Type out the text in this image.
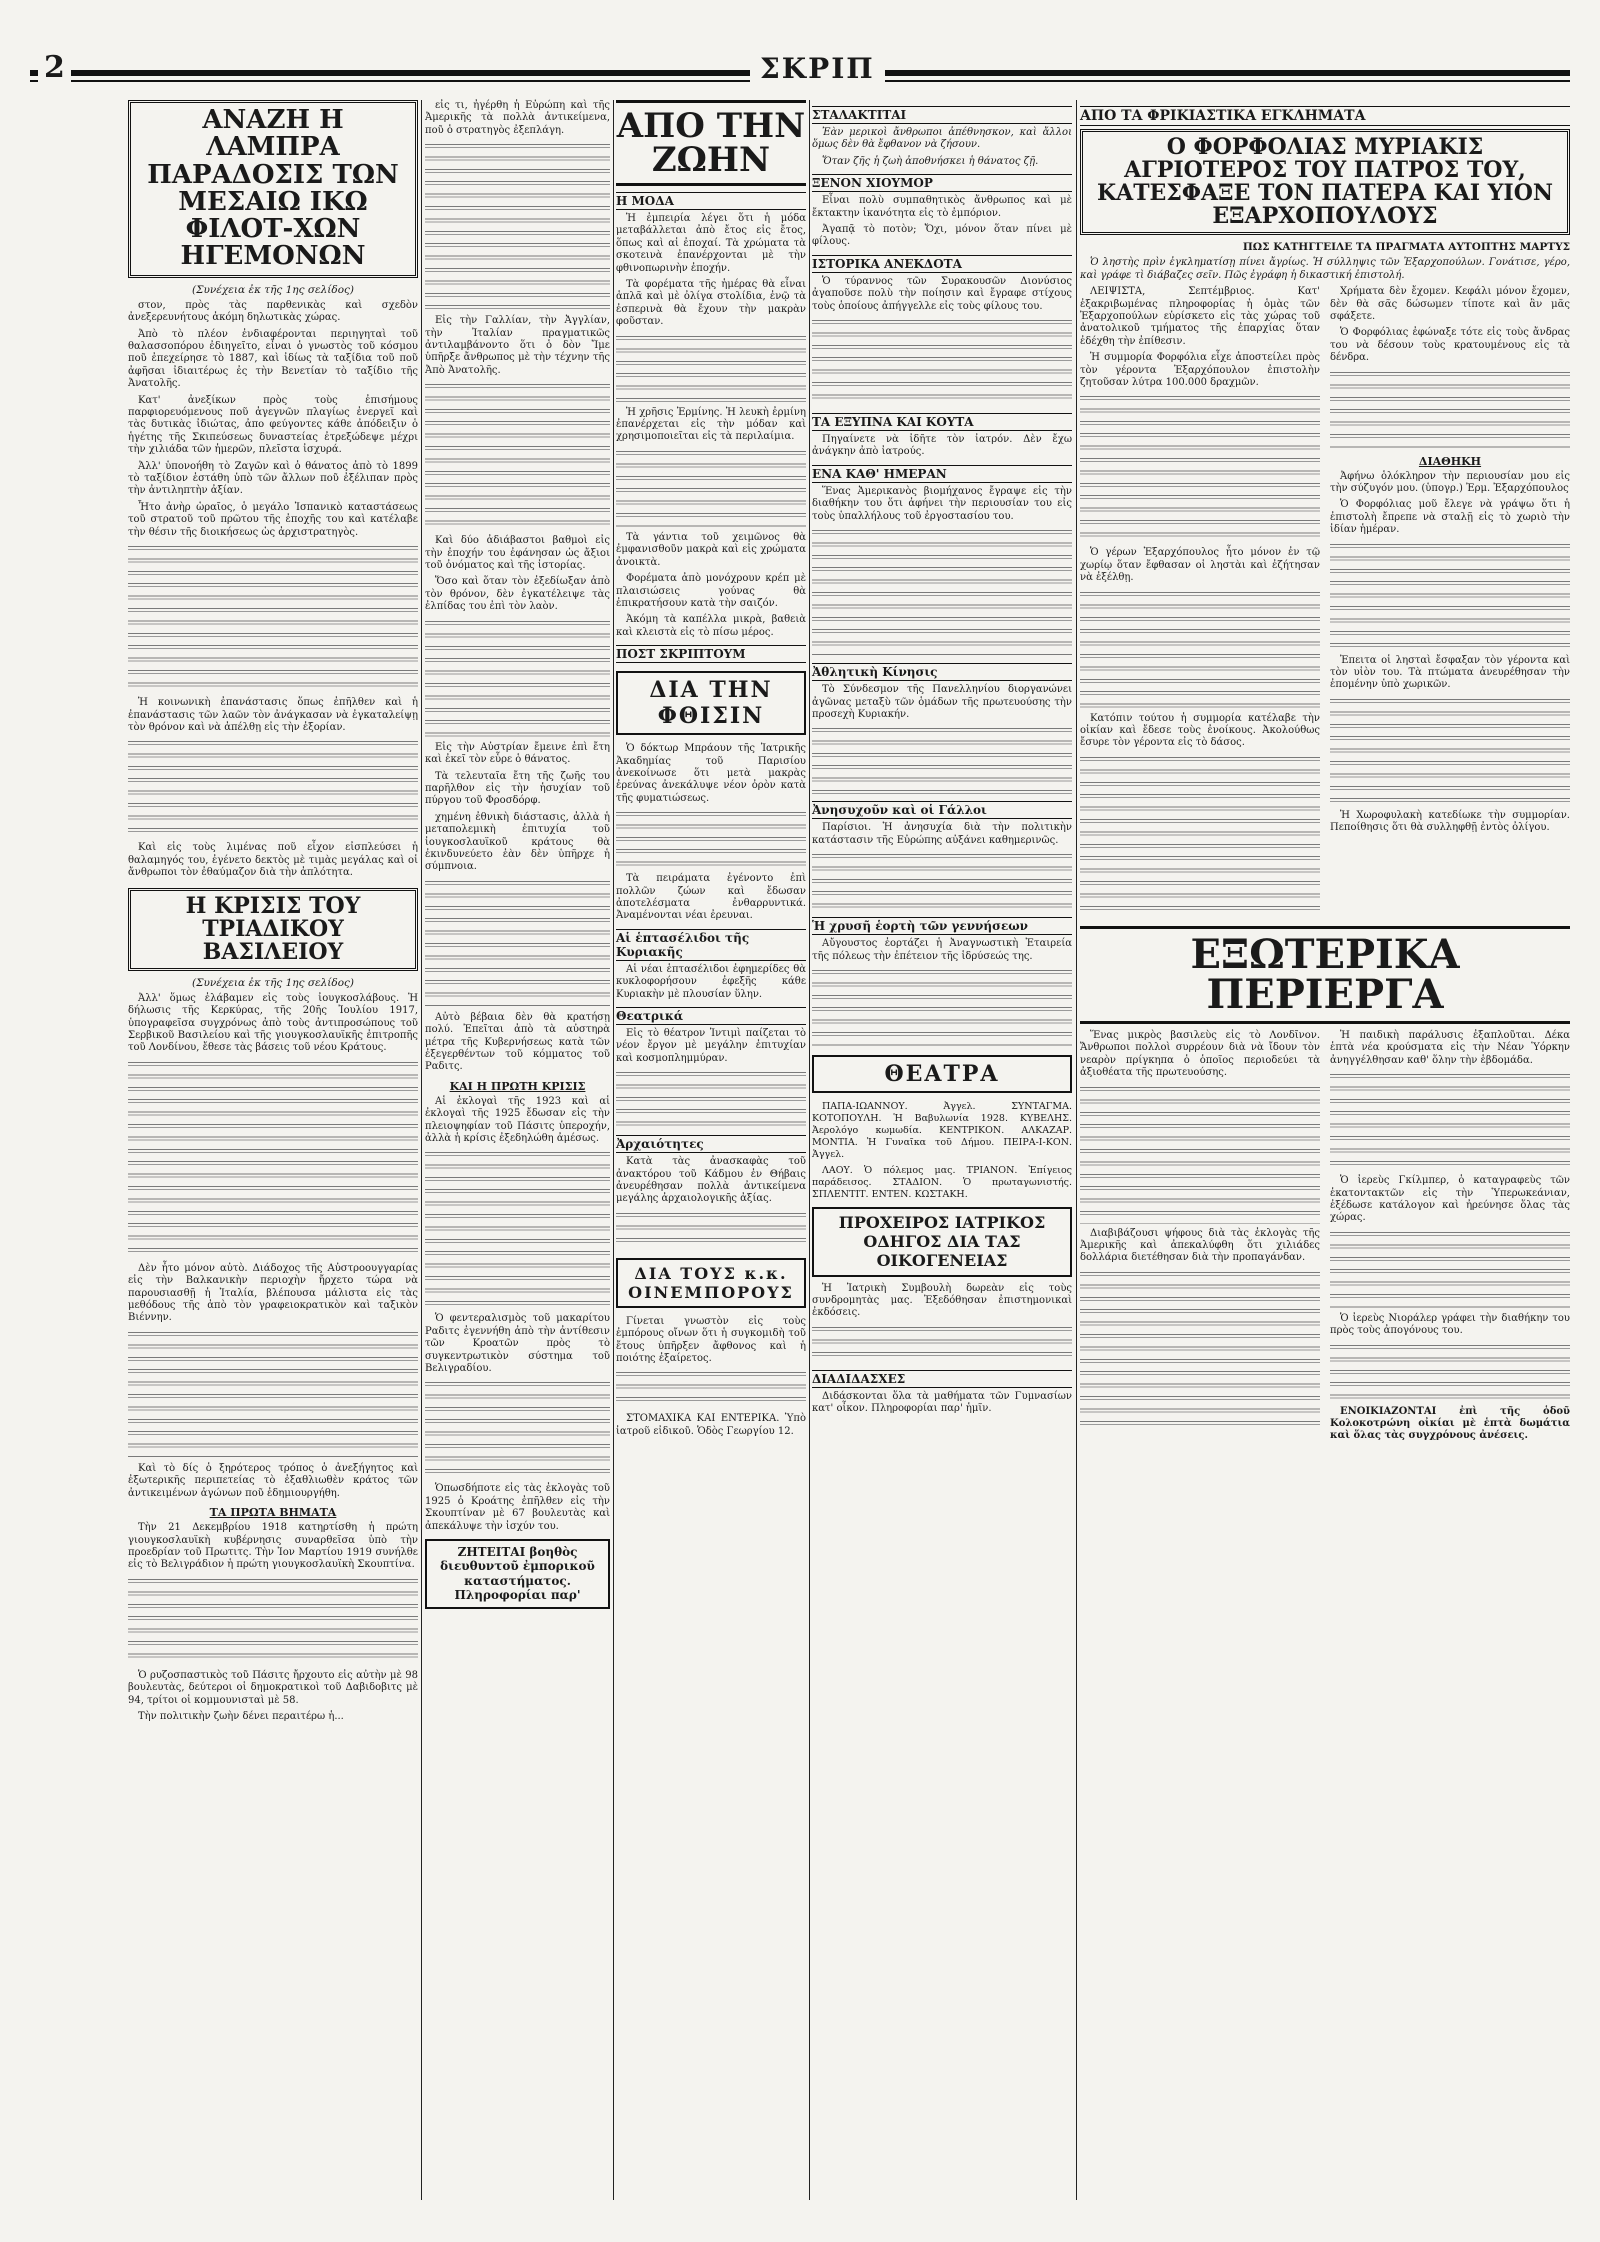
2	ΣΚΡΙΠ
ΑΝΑΖΗ Η ΛΑΜΠΡΑ ΠΑΡΑΔΟΣΙΣ ΤΩΝ ΜΕΣΑΙΩ ΙΚΩ ΦΙΛΟΤ-ΧΩΝ ΗΓΕΜΟΝΩΝ
(Συνέχεια ἐκ τῆς 1ης σελίδος)

στον, πρὸς τὰς παρθενικὰς καὶ σχεδὸν ἀνεξερευνήτους ἀκόμη δηλωτικὰς χώρας.

Ἀπὸ τὸ πλέον ἐνδιαφέρονται περιηγηταὶ τοῦ θαλασσοπόρου ἐδιηγεῖτο, εἶναι ὁ γνωστὸς τοῦ κόσμου ποῦ ἐπεχείρησε τὸ 1887, καὶ ἰδίως τὰ ταξίδια τοῦ ποῦ ἀφῆσαι ἰδιαιτέρως ἐς τὴν Βενετίαν τὸ ταξίδιο τῆς Ἀνατολῆς.

Κατ' ἀνεξίκων πρὸς τοὺς ἐπισήμους παρφιορευόμενους ποῦ ἀγεγνῶν πλαγίως ἐνεργεῖ καὶ τὰς δυτικὰς ἰδιώτας, ἀπο φεύγοντες κάθε ἀπόδειξιν ὁ ἡγέτης τῆς Σκιπεύσεως δυναστείας ἐτρεξώδεψε μέχρι τὴν χιλιάδα τῶν ἡμερῶν, πλεῖστα ἰσχυρά.

Ἀλλ' ὑπονοήθη τὸ Ζαγῶν καὶ ὁ θάνατος ἀπὸ τὸ 1899 τὸ ταξίδιον ἐστάθη ὑπὸ τῶν ἄλλων ποῦ ἐξέλιπαν πρὸς τὴν ἀντιληπτὴν ἀξίαν.

Ἦτο ἀνὴρ ὡραῖος, ὁ μεγάλο Ἰσπανικὸ καταστάσεως τοῦ στρατοῦ τοῦ πρῶτου τῆς ἐποχῆς του καὶ κατέλαβε τὴν θέσιν τῆς διοικήσεως ὡς ἀρχιστρατηγὸς.

Ἡ κοινωνικὴ ἐπανάστασις ὅπως ἐπῆλθεν καὶ ἡ ἐπανάστασις τῶν λαῶν τὸν ἀνάγκασαν νὰ ἐγκαταλείψῃ τὸν θρόνον καὶ νὰ ἀπέλθῃ εἰς τὴν ἐξορίαν.

Καὶ εἰς τοὺς λιμένας ποῦ εἶχον εἰσπλεύσει ἡ θαλαμηγός του, ἐγένετο δεκτὸς μὲ τιμὰς μεγάλας καὶ οἱ ἄνθρωποι τὸν ἐθαύμαζον διὰ τὴν ἀπλότητα.

Η ΚΡΙΣΙΣ ΤΟΥ ΤΡΙΑΔΙΚΟΥ ΒΑΣΙΛΕΙΟΥ
(Συνέχεια ἐκ τῆς 1ης σελίδος)

Ἀλλ' ὅμως ἐλάβαμεν εἰς τοὺς ἰουγκοσλάβους. Ἡ δήλωσις τῆς Κερκύρας, τῆς 20ῆς Ἰουλίου 1917, ὑπογραφεῖσα συγχρόνως ἀπὸ τοὺς ἀντιπροσώπους τοῦ Σερβικοῦ Βασιλείου καὶ τῆς γιουγκοσλαυϊκῆς ἐπιτροπῆς τοῦ Λονδίνου, ἔθεσε τὰς βάσεις τοῦ νέου Κράτους.

Δὲν ἦτο μόνον αὐτὸ. Διάδοχος τῆς Αὐστροουγγαρίας εἰς τὴν Βαλκανικὴν περιοχὴν ἤρχετο τώρα νὰ παρουσιασθῇ ἡ Ἰταλία, βλέπουσα μάλιστα εἰς τὰς μεθόδους τῆς ἀπὸ τὸν γραφειοκρατικὸν καὶ ταξικὸν Βιέννην.

Καὶ τὸ δίς ὁ ξηρότερος τρόπος ὁ ἀνεξήγητος καὶ ἐξωτερικῆς περιπετείας τὸ ἐξαθλιωθὲν κράτος τῶν ἀντικειμένων ἀγώνων ποῦ ἐδημιουργήθη.

ΤΑ ΠΡΩΤΑ ΒΗΜΑΤΑ

Τὴν 21 Δεκεμβρίου 1918 κατηρτίσθη ἡ πρώτη γιουγκοσλαυϊκὴ κυβέρνησις συναρθεῖσα ὑπὸ τὴν προεδρίαν τοῦ Πρωτιτς. Τὴν Ἰον Μαρτίου 1919 συνήλθε εἰς τὸ Βελιγράδιον ἡ πρώτη γιουγκοσλαυϊκὴ Σκουπτίνα.

Ὁ ρυζοσπαστικὸς τοῦ Πάσιτς ἤρχουτο εἰς αὐτὴν μὲ 98 βουλευτὰς, δεύτεροι οἱ δημοκρατικοὶ τοῦ Δαβιδοβιτς μὲ 94, τρίτοι οἱ κομμουνισταὶ μὲ 58.

Τὴν πολιτικὴν ζωὴν δένει περαιτέρω ἡ...

εἰς τι, ἠγέρθη ἡ Εὐρώπη καὶ τῆς Ἀμερικῆς τὰ πολλὰ ἀντικείμενα, ποῦ ὁ στρατηγὸς ἐξεπλάγη.

Εἰς τὴν Γαλλίαν, τὴν Ἀγγλίαν, τὴν Ἰταλίαν πραγματικῶς ἀντιλαμβάνοντο ὅτι ὁ δὸν Ἴμε ὑπῆρξε ἄνθρωπος μὲ τὴν τέχνην τῆς Ἀπὸ Ἀνατολῆς.

Καὶ δύο ἀδιάβαστοι βαθμοὶ εἰς τὴν ἐποχήν του ἐφάνησαν ὡς ἄξιοι τοῦ ὀνόματος καὶ τῆς ἰστορίας.

Ὅσο καὶ ὅταν τὸν ἐξεδίωξαν ἀπὸ τὸν θρόνον, δὲν ἐγκατέλειψε τὰς ἐλπίδας του ἐπὶ τὸν λαὸν.

Εἰς τὴν Αὐστρίαν ἔμεινε ἐπὶ ἔτη καὶ ἐκεῖ τὸν εὗρε ὁ θάνατος.

Τὰ τελευταῖα ἔτη τῆς ζωῆς του παρῆλθον εἰς τὴν ἡσυχίαν τοῦ πύργου τοῦ Φροσδόρφ.

χημένη ἐθνικὴ διάστασις, ἀλλὰ ἡ μεταπολεμικὴ ἐπιτυχία τοῦ ἰουγκοσλαυϊκοῦ κράτους θὰ ἐκινδυνεύετο ἐὰν δὲν ὑπῆρχε ἡ σύμπνοια.

Αὐτὸ βέβαια δὲν θὰ κρατήσῃ πολύ. Ἐπεῖται ἀπὸ τὰ αὐστηρὰ μέτρα τῆς Κυβερνήσεως κατὰ τῶν ἐξεγερθέντων τοῦ κόμματος τοῦ Ραδιτς.

ΚΑΙ Η ΠΡΩΤΗ ΚΡΙΣΙΣ

Αἱ ἐκλογαὶ τῆς 1923 καὶ αἱ ἐκλογαὶ τῆς 1925 ἔδωσαν εἰς τὴν πλειοψηφίαν τοῦ Πάσιτς ὑπεροχήν, ἀλλὰ ἡ κρίσις ἐξεδηλώθη ἀμέσως.

Ὁ φεντεραλισμὸς τοῦ μακαρίτου Ραδιτς ἐγεννήθη ἀπὸ τὴν ἀντίθεσιν τῶν Κροατῶν πρὸς τὸ συγκεντρωτικὸν σύστημα τοῦ Βελιγραδίου.

Ὁπωσδήποτε εἰς τὰς ἐκλογὰς τοῦ 1925 ὁ Κροάτης ἐπῆλθεν εἰς τὴν Σκουπτίναν μὲ 67 βουλευτὰς καὶ ἀπεκάλυψε τὴν ἰσχύν του.

ΖΗΤΕΙΤΑΙ βοηθὸς διευθυντοῦ ἐμπορικοῦ καταστήματος. Πληροφορίαι παρ'
ΑΠΟ ΤΗΝ ΖΩΗΝ
Η ΜΟΔΑ

Ἡ ἐμπειρία λέγει ὅτι ἡ μόδα μεταβάλλεται ἀπὸ ἔτος εἰς ἔτος, ὅπως καὶ αἱ ἐποχαί. Τὰ χρώματα τὰ σκοτεινὰ ἐπανέρχονται μὲ τὴν φθινοπωρινὴν ἐποχήν.

Τὰ φορέματα τῆς ἡμέρας θὰ εἶναι ἁπλᾶ καὶ μὲ ὀλίγα στολίδια, ἐνῷ τὰ ἐσπερινὰ θὰ ἔχουν τὴν μακρὰν φοῦσταν.

Ἡ χρῆσις Ἐρμίνης. Ἡ λευκὴ ἐρμίνη ἐπανέρχεται εἰς τὴν μόδαν καὶ χρησιμοποιεῖται εἰς τὰ περιλαίμια.

Τὰ γάντια τοῦ χειμῶνος θὰ ἐμφανισθοῦν μακρὰ καὶ εἰς χρώματα ἀνοικτὰ.

Φορέματα ἀπὸ μονόχρουν κρέπ μὲ πλαισιώσεις γούνας θὰ ἐπικρατήσουν κατὰ τὴν σαιζόν.

Ἀκόμη τὰ καπέλλα μικρὰ, βαθειὰ καὶ κλειστὰ εἰς τὸ πίσω μέρος.

ΠΟΣΤ ΣΚΡΙΠΤΟΥΜ
ΔΙΑ ΤΗΝ ΦΘΙΣΙΝ

Ὁ δόκτωρ Μπράουν τῆς Ἰατρικῆς Ἀκαδημίας τοῦ Παρισίου ἀνεκοίνωσε ὅτι μετὰ μακρὰς ἐρεύνας ἀνεκάλυψε νέον ὀρὸν κατὰ τῆς φυματιώσεως.

Τὰ πειράματα ἐγένοντο ἐπὶ πολλῶν ζώων καὶ ἔδωσαν ἀποτελέσματα ἐνθαρρυντικά. Ἀναμένονται νέαι ἐρευναι.

Αἱ ἑπτασέλιδοι τῆς Κυριακῆς

Αἱ νέαι ἑπτασέλιδοι ἐφημερίδες θὰ κυκλοφορήσουν ἐφεξῆς κάθε Κυριακὴν μὲ πλουσίαν ὕλην.

Θεατρικά

Εἰς τὸ θέατρον Ἰντιμὶ παίζεται τὸ νέον ἔργον μὲ μεγάλην ἐπιτυχίαν καὶ κοσμοπλημμύραν.

Ἀρχαιότητες

Κατὰ τὰς ἀνασκαφὰς τοῦ ἀνακτόρου τοῦ Κάδμου ἐν Θήβαις ἀνευρέθησαν πολλὰ ἀντικείμενα μεγάλης ἀρχαιολογικῆς ἀξίας.

ΔΙΑ ΤΟΥΣ κ.κ. ΟΙΝΕΜΠΟΡΟΥΣ

Γίνεται γνωστὸν εἰς τοὺς ἐμπόρους οἴνων ὅτι ἡ συγκομιδὴ τοῦ ἔτους ὑπῆρξεν ἄφθονος καὶ ἡ ποιότης ἐξαίρετος.

ΣΤΟΜΑΧΙΚΑ ΚΑΙ ΕΝΤΕΡΙΚΑ. Ὑπὸ ἰατροῦ εἰδικοῦ. Ὁδὸς Γεωργίου 12.

ΣΤΑΛΑΚΤΙΤΑΙ

Ἐὰν μερικοὶ ἄνθρωποι ἀπέθνησκον, καὶ ἄλλοι ὅμως δὲν θὰ ἔφθανον νὰ ζήσουν.

Ὅταν ζῆς ἡ ζωὴ ἀποθνήσκει ἡ θάνατος ζῇ.

ΞΕΝΟΝ ΧΙΟΥΜΟΡ

Εἶναι πολὺ συμπαθητικὸς ἄνθρωπος καὶ μὲ ἔκτακτην ἱκανότητα εἰς τὸ ἐμπόριον.

Ἀγαπᾷ τὸ ποτὸν; Ὄχι, μόνον ὅταν πίνει μὲ φίλους.

ΙΣΤΟΡΙΚΑ ΑΝΕΚΔΟΤΑ

Ὁ τύραννος τῶν Συρακουσῶν Διονύσιος ἀγαποῦσε πολὺ τὴν ποίησιν καὶ ἔγραφε στίχους τοὺς ὁποίους ἀπήγγελλε εἰς τοὺς φίλους του.

ΤΑ ΕΞΥΠΝΑ ΚΑΙ ΚΟΥΤΑ

Πηγαίνετε νὰ ἰδῆτε τὸν ἰατρόν. Δὲν ἔχω ἀνάγκην ἀπὸ ἰατρούς.

ΕΝΑ ΚΑΘ' ΗΜΕΡΑΝ

Ἕνας Ἀμερικανὸς βιομήχανος ἔγραψε εἰς τὴν διαθήκην του ὅτι ἀφήνει τὴν περιουσίαν του εἰς τοὺς ὑπαλλήλους τοῦ ἐργοστασίου του.

Ἀθλητικὴ Κίνησις

Τὸ Σύνδεσμον τῆς Πανελληνίου διοργανώνει ἀγῶνας μεταξὺ τῶν ὁμάδων τῆς πρωτευούσης τὴν προσεχὴ Κυριακήν.

Ἀνησυχοῦν καὶ οἱ Γάλλοι

Παρίσιοι. Ἡ ἀνησυχία διὰ τὴν πολιτικὴν κατάστασιν τῆς Εὐρώπης αὐξάνει καθημερινῶς.

Ἡ χρυσῆ ἑορτὴ τῶν γεννήσεων

Αὔγουστος ἐορτάζει ἡ Ἀναγνωστικὴ Ἐταιρεία τῆς πόλεως τὴν ἐπέτειον τῆς ἱδρύσεώς της.

ΘΕΑΤΡΑ

ΠΑΠΑ-ΙΩΑΝΝΟΥ. Ἀγγελ. ΣΥΝΤΑΓΜΑ. ΚΟΤΟΠΟΥΛΗ. Ἡ Βαβυλωνία 1928. ΚΥΒΕΛΗΣ. Ἀερολόγο κωμωδία. ΚΕΝΤΡΙΚΟΝ. ΑΛΚΑΖΑΡ. ΜΟΝΤΙΑ. Ἡ Γυναῖκα τοῦ Δήμου. ΠΕΙΡΑ-Ι-ΚΟΝ. Ἀγγελ.

ΛΑΟΥ. Ὁ πόλεμος μας. ΤΡΙΑΝΟΝ. Ἐπίγειος παράδεισος. ΣΤΑΔΙΟΝ. Ὁ πρωταγωνιστής. ΣΠΛΕΝΤΙΤ. ΕΝΤΕΝ. ΚΩΣΤΑΚΗ.

ΠΡΟΧΕΙΡΟΣ ΙΑΤΡΙΚΟΣ ΟΔΗΓΟΣ ΔΙΑ ΤΑΣ ΟΙΚΟΓΕΝΕΙΑΣ

Ἡ Ἰατρικὴ Συμβουλὴ δωρεὰν εἰς τοὺς συνδρομητὰς μας. Ἐξεδόθησαν ἐπιστημονικαὶ ἐκδόσεις.

ΔΙΑΔΙΔΑΣΧΕΣ

Διδάσκονται ὅλα τὰ μαθήματα τῶν Γυμνασίων κατ' οἶκον. Πληροφορίαι παρ' ἡμῖν.

ΑΠΟ ΤΑ ΦΡΙΚΙΑΣΤΙΚΑ ΕΓΚΛΗΜΑΤΑ
Ο ΦΟΡΦΟΛΙΑΣ ΜΥΡΙΑΚΙΣ ΑΓΡΙΟΤΕΡΟΣ ΤΟΥ ΠΑΤΡΟΣ ΤΟΥ, ΚΑΤΕΣΦΑΞΕ ΤΟΝ ΠΑΤΕΡΑ ΚΑΙ ΥΙΟΝ ΕΞΑΡΧΟΠΟΥΛΟΥΣ
ΠΩΣ ΚΑΤΗΓΓΕΙΛΕ ΤΑ ΠΡΑΓΜΑΤΑ ΑΥΤΟΠΤΗΣ ΜΑΡΤΥΣ

Ὁ ληστὴς πρὶν ἐγκληματίσῃ πίνει ἄγρίως. Ἡ σύλληψις τῶν Ἐξαρχοπούλων. Γονάτισε, γέρο, καὶ γράφε τὶ διάβαζες σεῖν. Πῶς ἐγράφη ἡ δικαστική ἐπιστολή.

ΛΕΙΨΙΣΤΑ, Σεπτέμβριος. Κατ' ἐξακριβωμένας πληροφορίας ἡ ὁμὰς τῶν Ἐξαρχοπούλων εὑρίσκετο εἰς τὰς χώρας τοῦ ἀνατολικοῦ τμήματος τῆς ἐπαρχίας ὅταν ἐδέχθη τὴν ἐπίθεσιν.

Ἡ συμμορία Φορφόλια εἶχε ἀποστείλει πρὸς τὸν γέροντα Ἐξαρχόπουλον ἐπιστολὴν ζητοῦσαν λύτρα 100.000 δραχμῶν.

Ὁ γέρων Ἐξαρχόπουλος ἦτο μόνον ἐν τῷ χωρίῳ ὅταν ἔφθασαν οἱ ληστὰι καὶ ἐζήτησαν νὰ ἐξέλθῃ.

Κατόπιν τούτου ἡ συμμορία κατέλαβε τὴν οἰκίαν καὶ ἔδεσε τοὺς ἐνοίκους. Ἀκολούθως ἔσυρε τὸν γέροντα εἰς τὸ δάσος.

Χρήματα δὲν ἔχομεν. Κεφάλι μόνον ἔχομεν, δὲν θὰ σᾶς δώσωμεν τίποτε καὶ ἂν μᾶς σφάξετε.

Ὁ Φορφόλιας ἐφώναξε τότε εἰς τοὺς ἄνδρας του νὰ δέσουν τοὺς κρατουμένους εἰς τὰ δένδρα.

ΔΙΑΘΗΚΗ

Ἀφήνω ὁλόκληρον τὴν περιουσίαν μου εἰς τὴν σύζυγόν μου. (ὑπογρ.) Ἐρμ. Ἐξαρχόπουλος

Ὁ Φορφόλιας μοῦ ἔλεγε νὰ γράψω ὅτι ἡ ἐπιστολὴ ἔπρεπε νὰ σταλῇ εἰς τὸ χωριὸ τὴν ἰδίαν ἡμέραν.

Ἐπειτα οἱ λησταὶ ἔσφαξαν τὸν γέροντα καὶ τὸν υἱὸν του. Τὰ πτώματα ἀνευρέθησαν τὴν ἐπομένην ὑπὸ χωρικῶν.

Ἡ Χωροφυλακὴ κατεδίωκε τὴν συμμορίαν. Πεποίθησις ὅτι θὰ συλληφθῇ ἐντὸς ὀλίγου.

ΕΞΩΤΕΡΙΚΑ ΠΕΡΙΕΡΓΑ

Ἕνας μικρὸς βασιλεὺς εἰς τὸ Λονδῖνον. Ἄνθρωποι πολλοὶ συρρέουν διὰ νὰ ἴδουν τὸν νεαρὸν πρίγκηπα ὁ ὁποῖος περιοδεύει τὰ ἀξιοθέατα τῆς πρωτευούσης.

Διαβιβάζουσι ψήφους διὰ τὰς ἐκλογὰς τῆς Ἀμερικῆς καὶ ἀπεκαλύφθη ὅτι χιλιάδες δολλάρια διετέθησαν διὰ τὴν προπαγάνδαν.

Ἡ παιδικὴ παράλυσις ἐξαπλοῦται. Δέκα ἑπτὰ νέα κρούσματα εἰς τὴν Νέαν Ὑόρκην ἀνηγγέλθησαν καθ' ὅλην τὴν ἑβδομάδα.

Ὁ ἰερεὺς Γκίλμπερ, ὁ καταγραφεὺς τῶν ἑκατοντακτῶν εἰς τὴν Ὑπερωκεάνιαν, ἐξέδωσε κατάλογον καὶ ἠρεύνησε ὅλας τὰς χώρας.

Ὁ ἰερεὺς Νιοράλερ γράφει τὴν διαθήκην του πρὸς τοὺς ἀπογόνους του.

ΕΝΟΙΚΙΑΖΟΝΤΑΙ ἐπὶ τῆς ὁδοῦ Κολοκοτρώνη οἰκίαι μὲ ἑπτὰ δωμάτια καὶ ὅλας τὰς συγχρόνους ἀνέσεις.
